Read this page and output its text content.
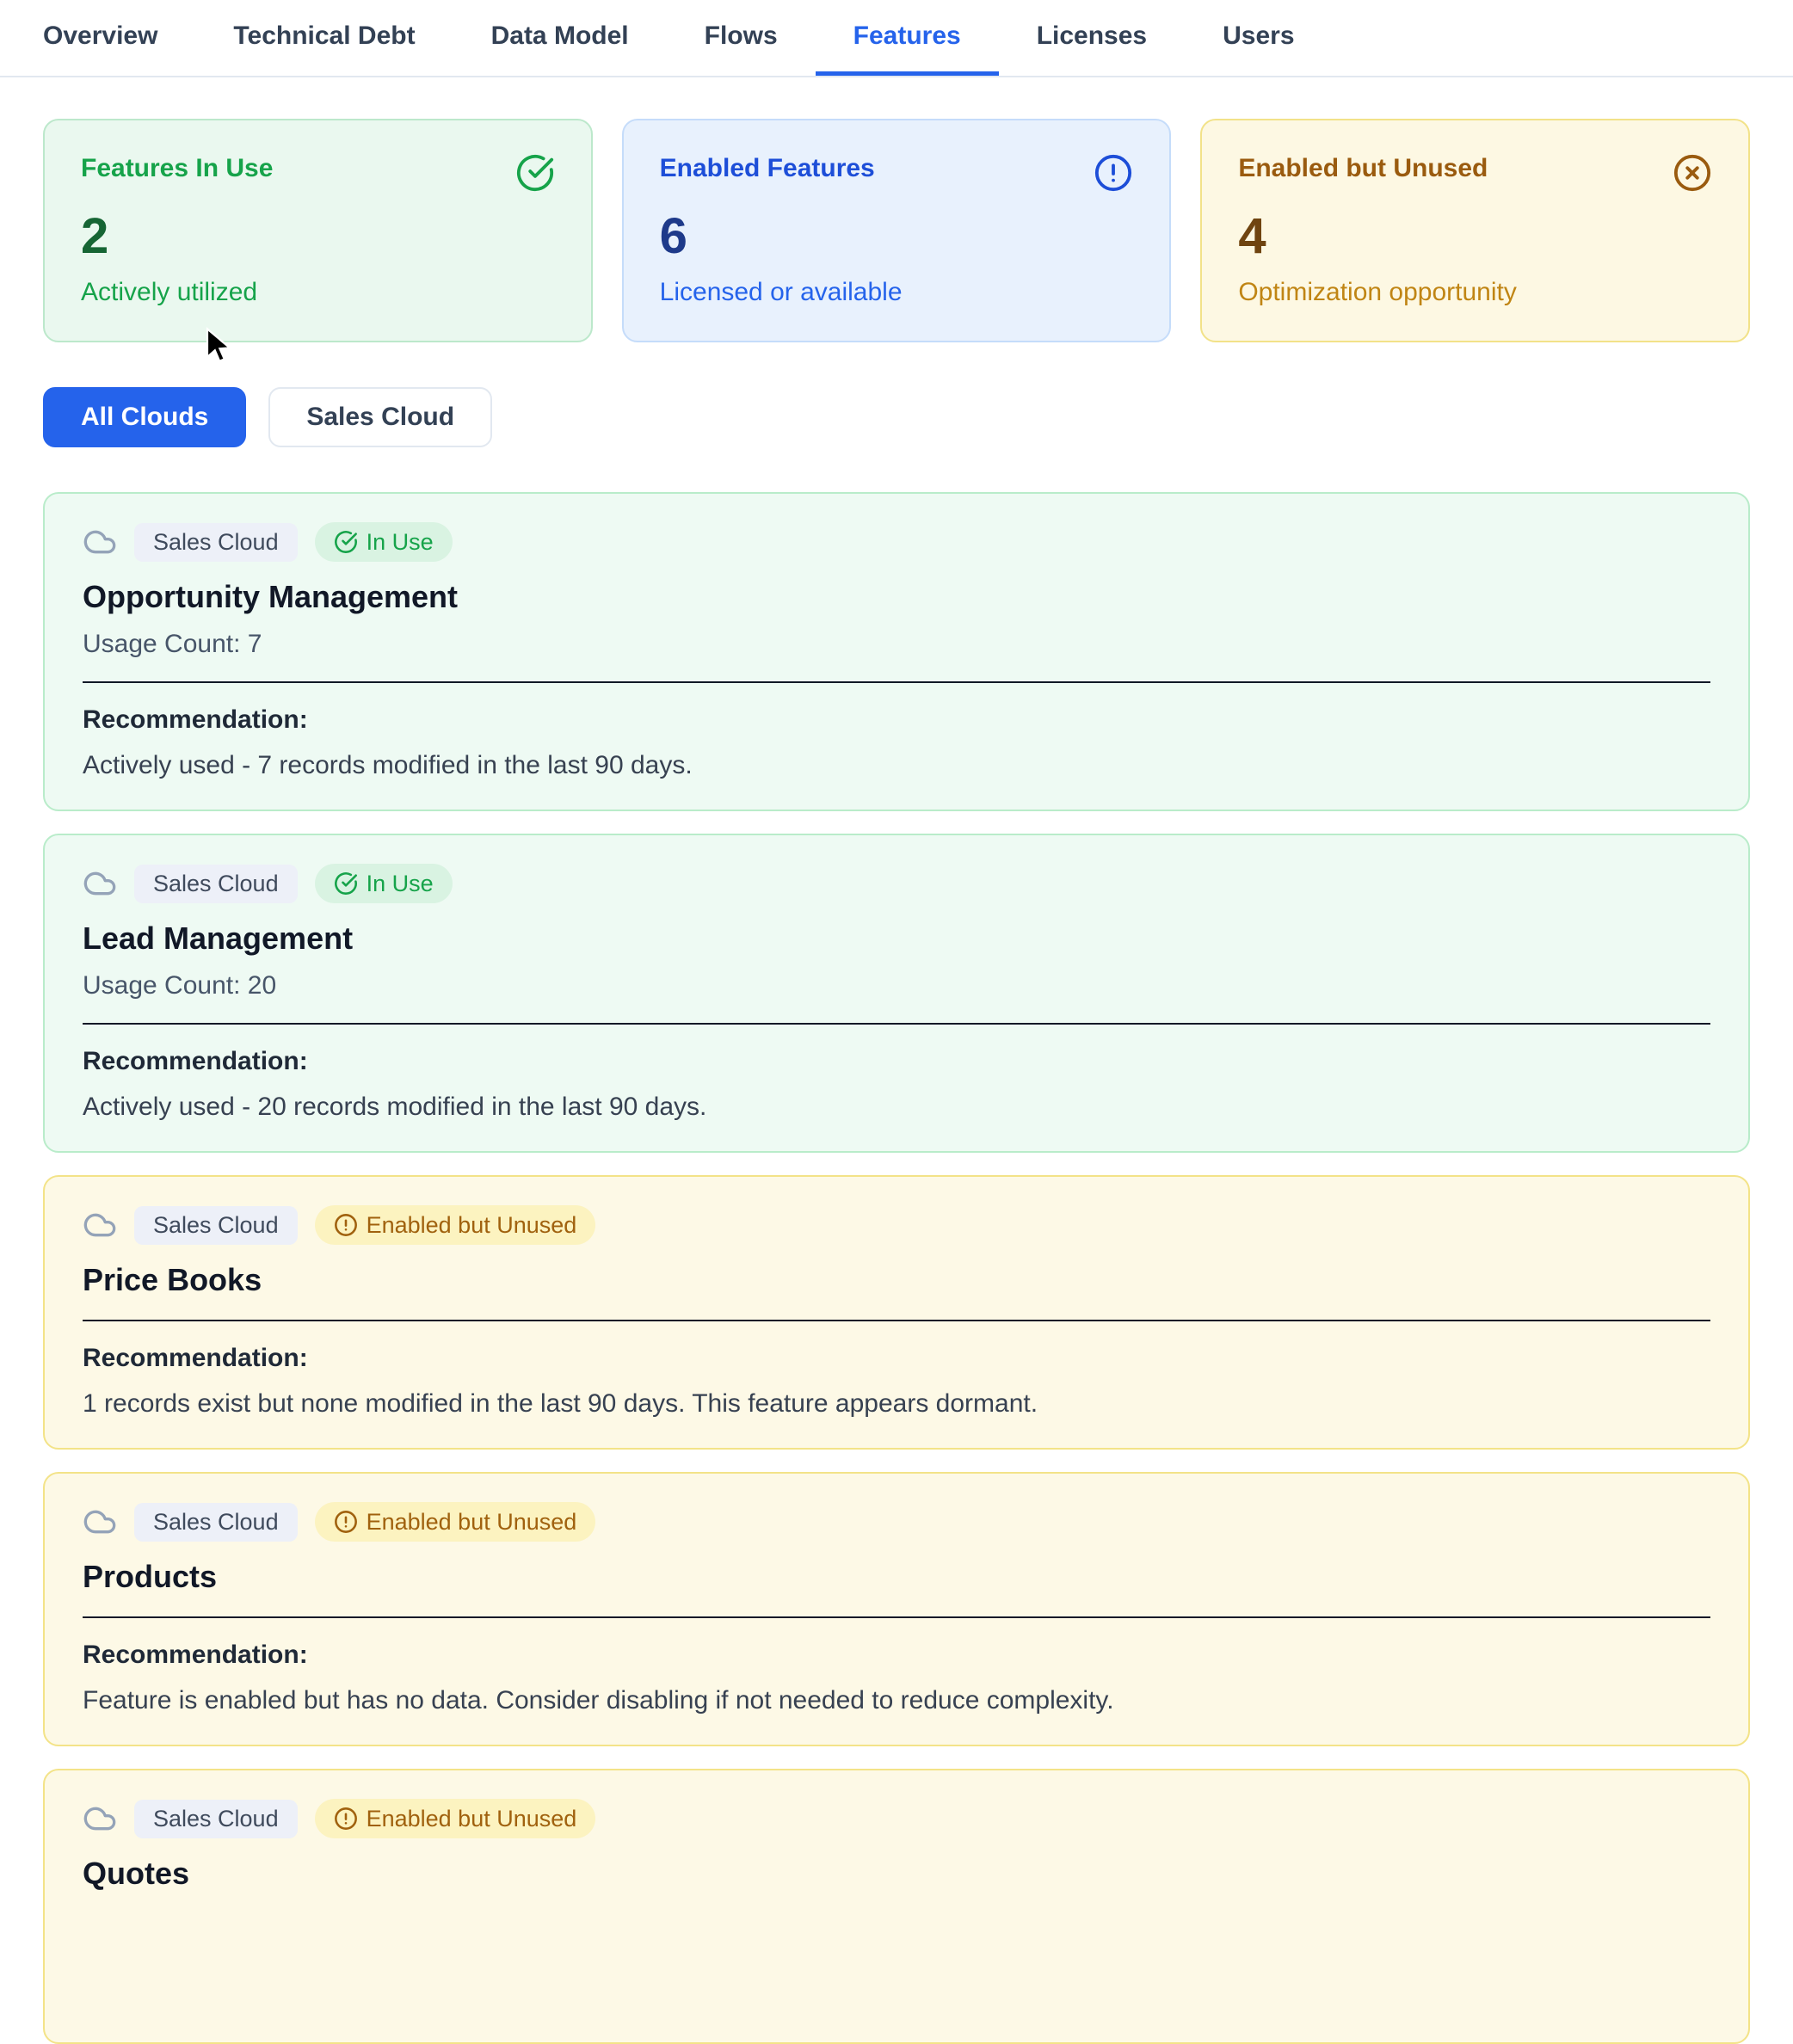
Overview	Technical Debt	Data Model	Flows	Features	Licenses	Users
Features In Use
2
Actively utilized
Enabled Features
6
Licensed or available
Enabled but Unused
4
Optimization opportunity
All Clouds	Sales Cloud
Sales Cloud	In Use
Opportunity Management
Usage Count: 7
Recommendation:
Actively used - 7 records modified in the last 90 days.
Sales Cloud	In Use
Lead Management
Usage Count: 20
Recommendation:
Actively used - 20 records modified in the last 90 days.
Sales Cloud	Enabled but Unused
Price Books
Recommendation:
1 records exist but none modified in the last 90 days. This feature appears dormant.
Sales Cloud	Enabled but Unused
Products
Recommendation:
Feature is enabled but has no data. Consider disabling if not needed to reduce complexity.
Sales Cloud	Enabled but Unused
Quotes
